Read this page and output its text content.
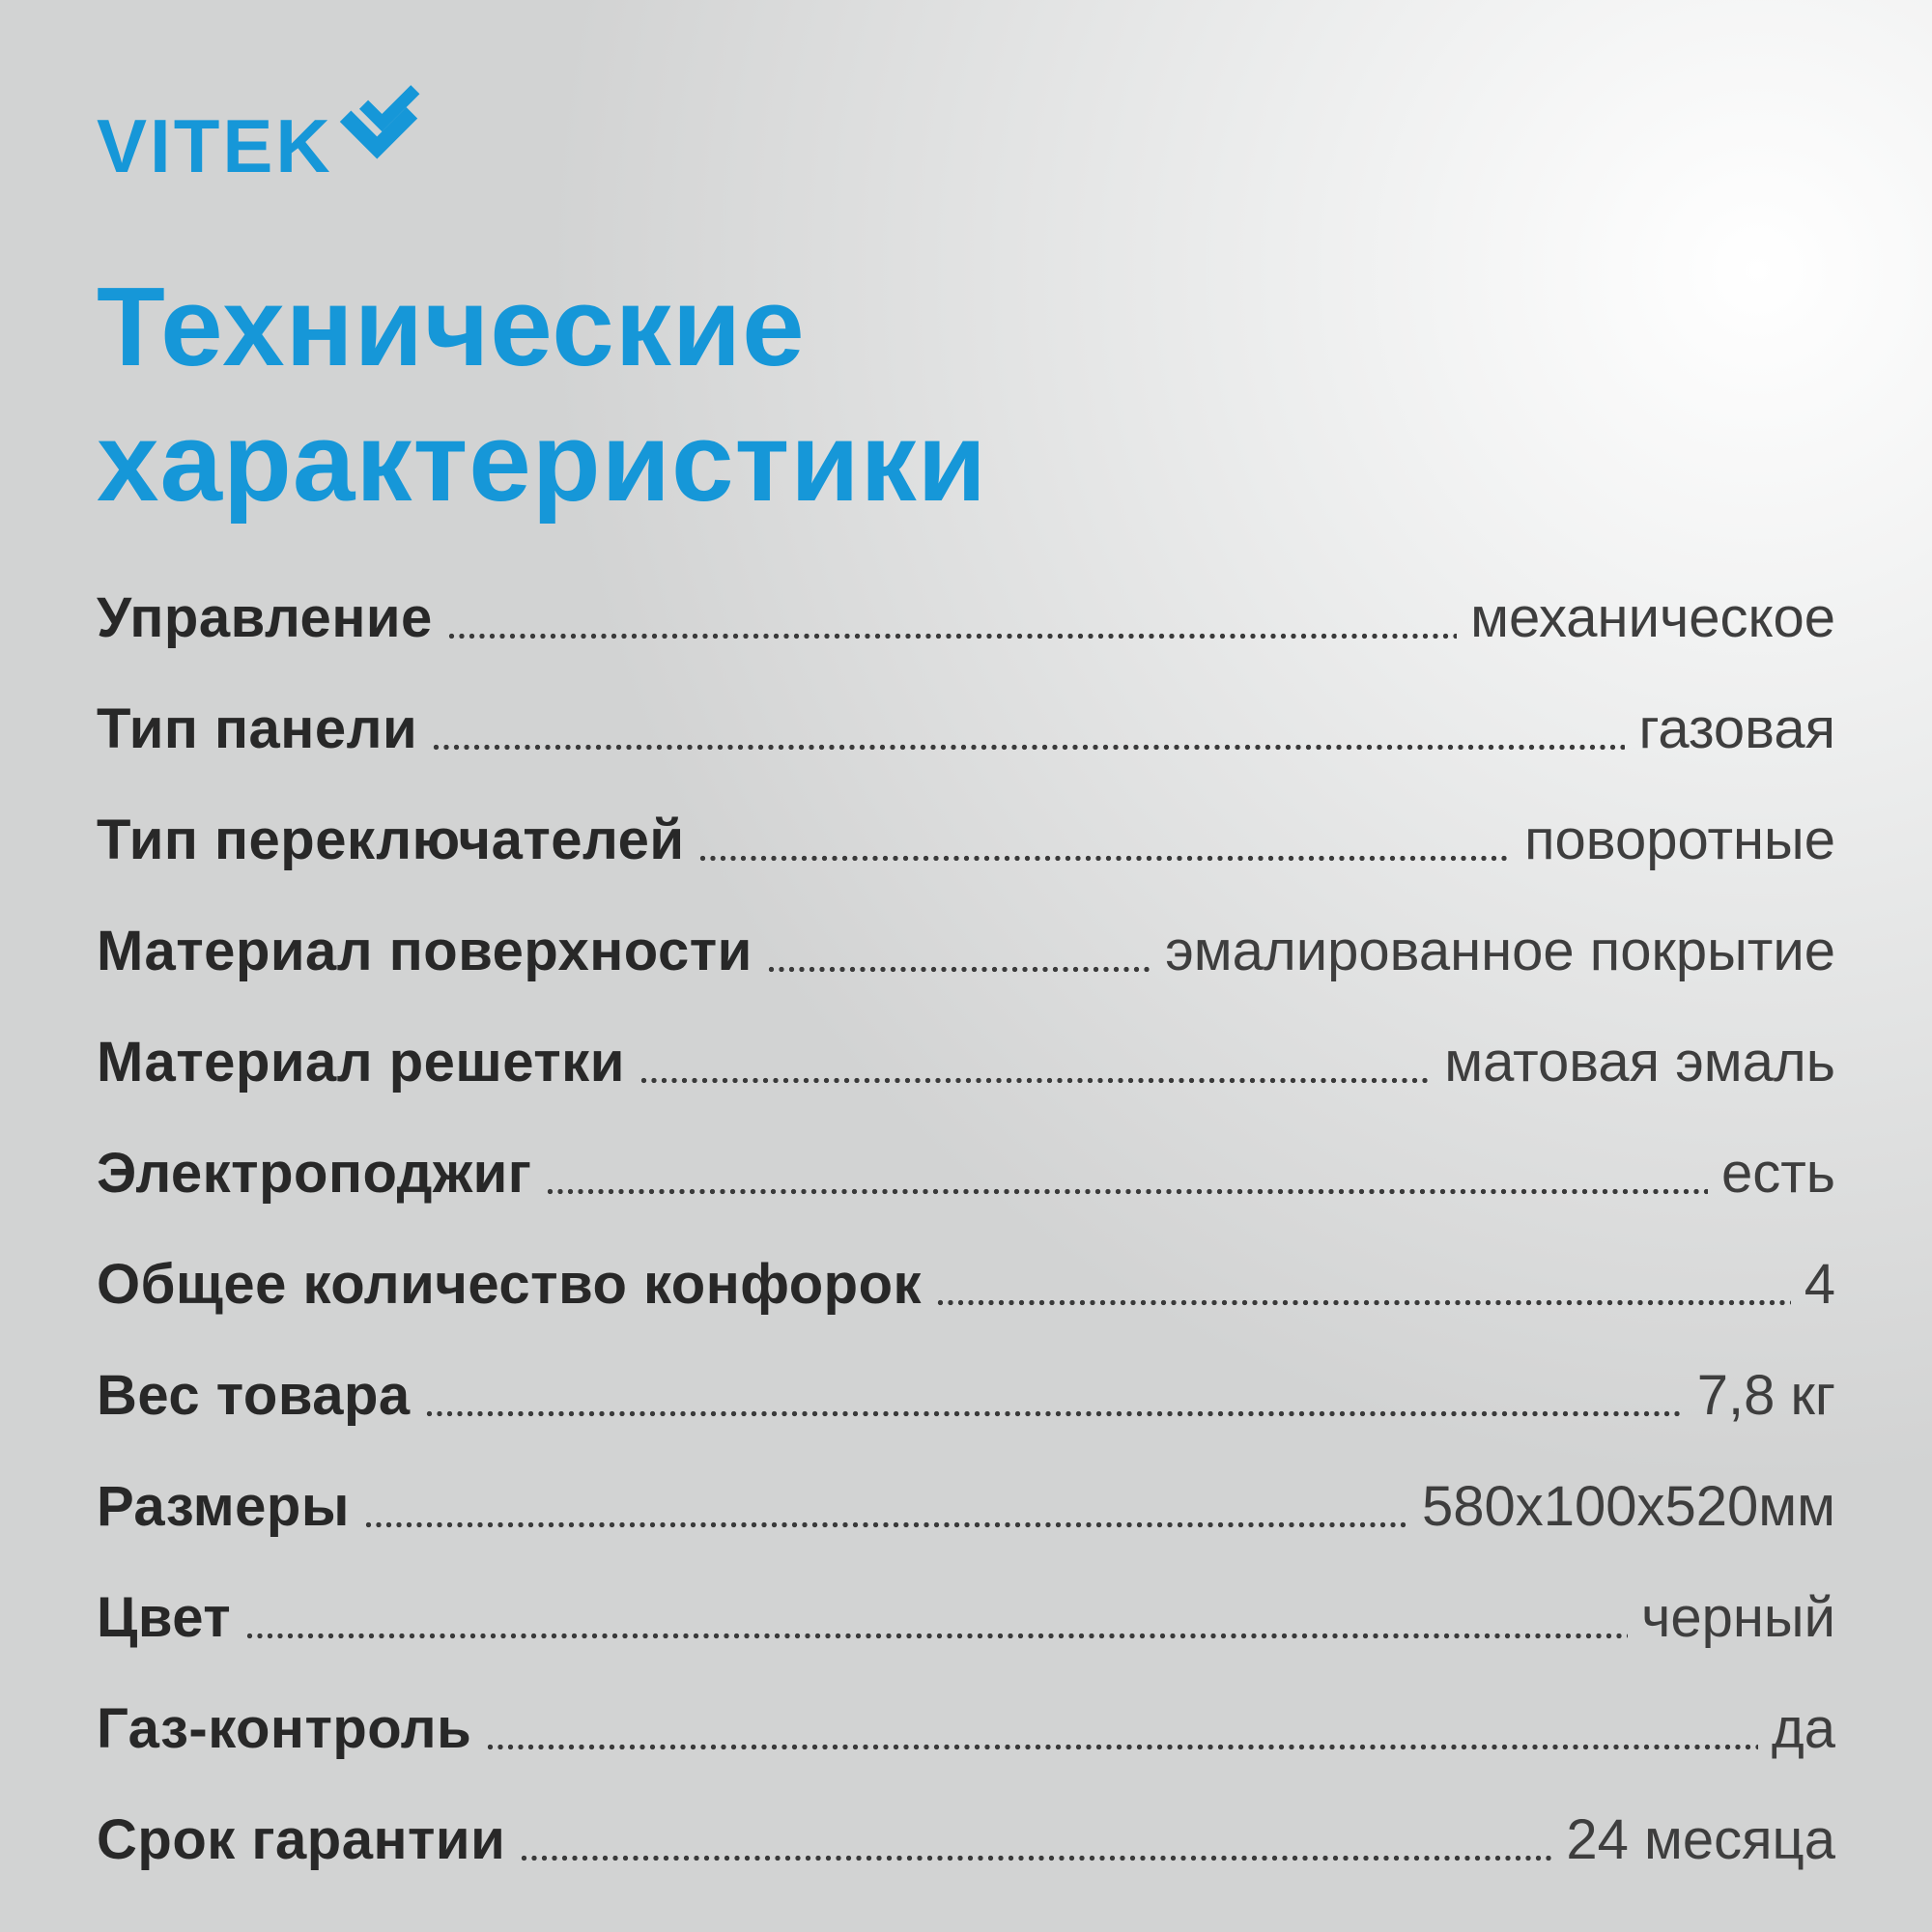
VITEK
Технические
характеристики
Управление	механическое
Тип панели	газовая
Тип переключателей	поворотные
Материал поверхности	эмалированное покрытие
Материал решетки	матовая эмаль
Электроподжиг	есть
Общее количество конфорок	4
Вес товара	7,8 кг
Размеры	580x100x520мм
Цвет	черный
Газ-контроль	да
Срок гарантии	24 месяца
